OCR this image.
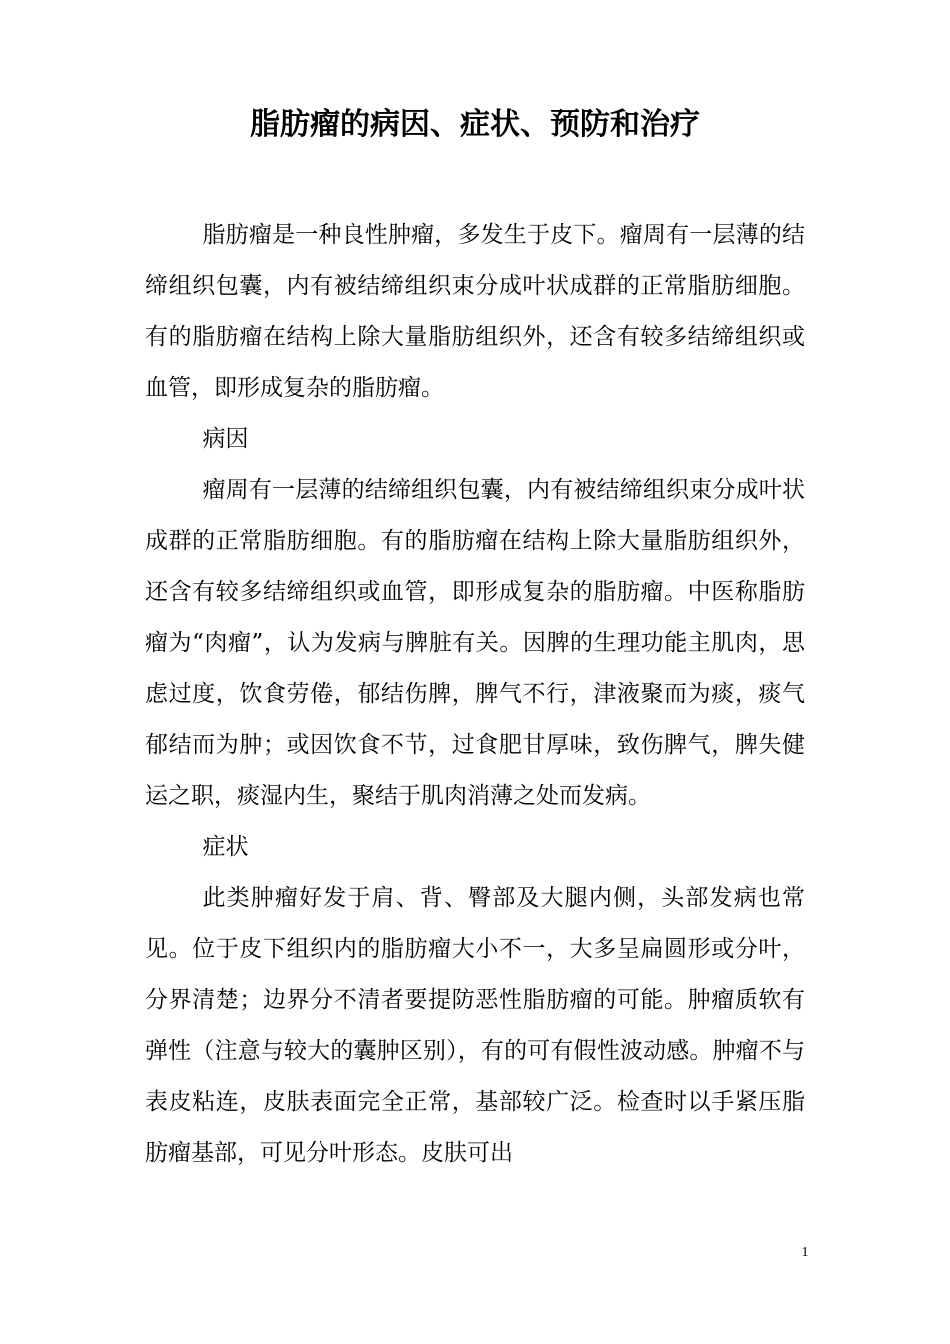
脂肪瘤的病因、症状、预防和治疗

脂肪瘤是一种良性肿瘤，多发生于皮下。瘤周有一层薄的结缔组织包囊，内有被结缔组织束分成叶状成群的正常脂肪细胞。有的脂肪瘤在结构上除大量脂肪组织外，还含有较多结缔组织或血管，即形成复杂的脂肪瘤。

病因

瘤周有一层薄的结缔组织包囊，内有被结缔组织束分成叶状成群的正常脂肪细胞。有的脂肪瘤在结构上除大量脂肪组织外，还含有较多结缔组织或血管，即形成复杂的脂肪瘤。中医称脂肪瘤为“肉瘤”，认为发病与脾脏有关。因脾的生理功能主肌肉，思虑过度，饮食劳倦，郁结伤脾，脾气不行，津液聚而为痰，痰气郁结而为肿；或因饮食不节，过食肥甘厚味，致伤脾气，脾失健运之职，痰湿内生，聚结于肌肉消薄之处而发病。

症状

此类肿瘤好发于肩、背、臀部及大腿内侧，头部发病也常见。位于皮下组织内的脂肪瘤大小不一，大多呈扁圆形或分叶，分界清楚；边界分不清者要提防恶性脂肪瘤的可能。肿瘤质软有弹性（注意与较大的囊肿区别），有的可有假性波动感。肿瘤不与表皮粘连，皮肤表面完全正常，基部较广泛。检查时以手紧压脂肪瘤基部，可见分叶形态。皮肤可出

1
